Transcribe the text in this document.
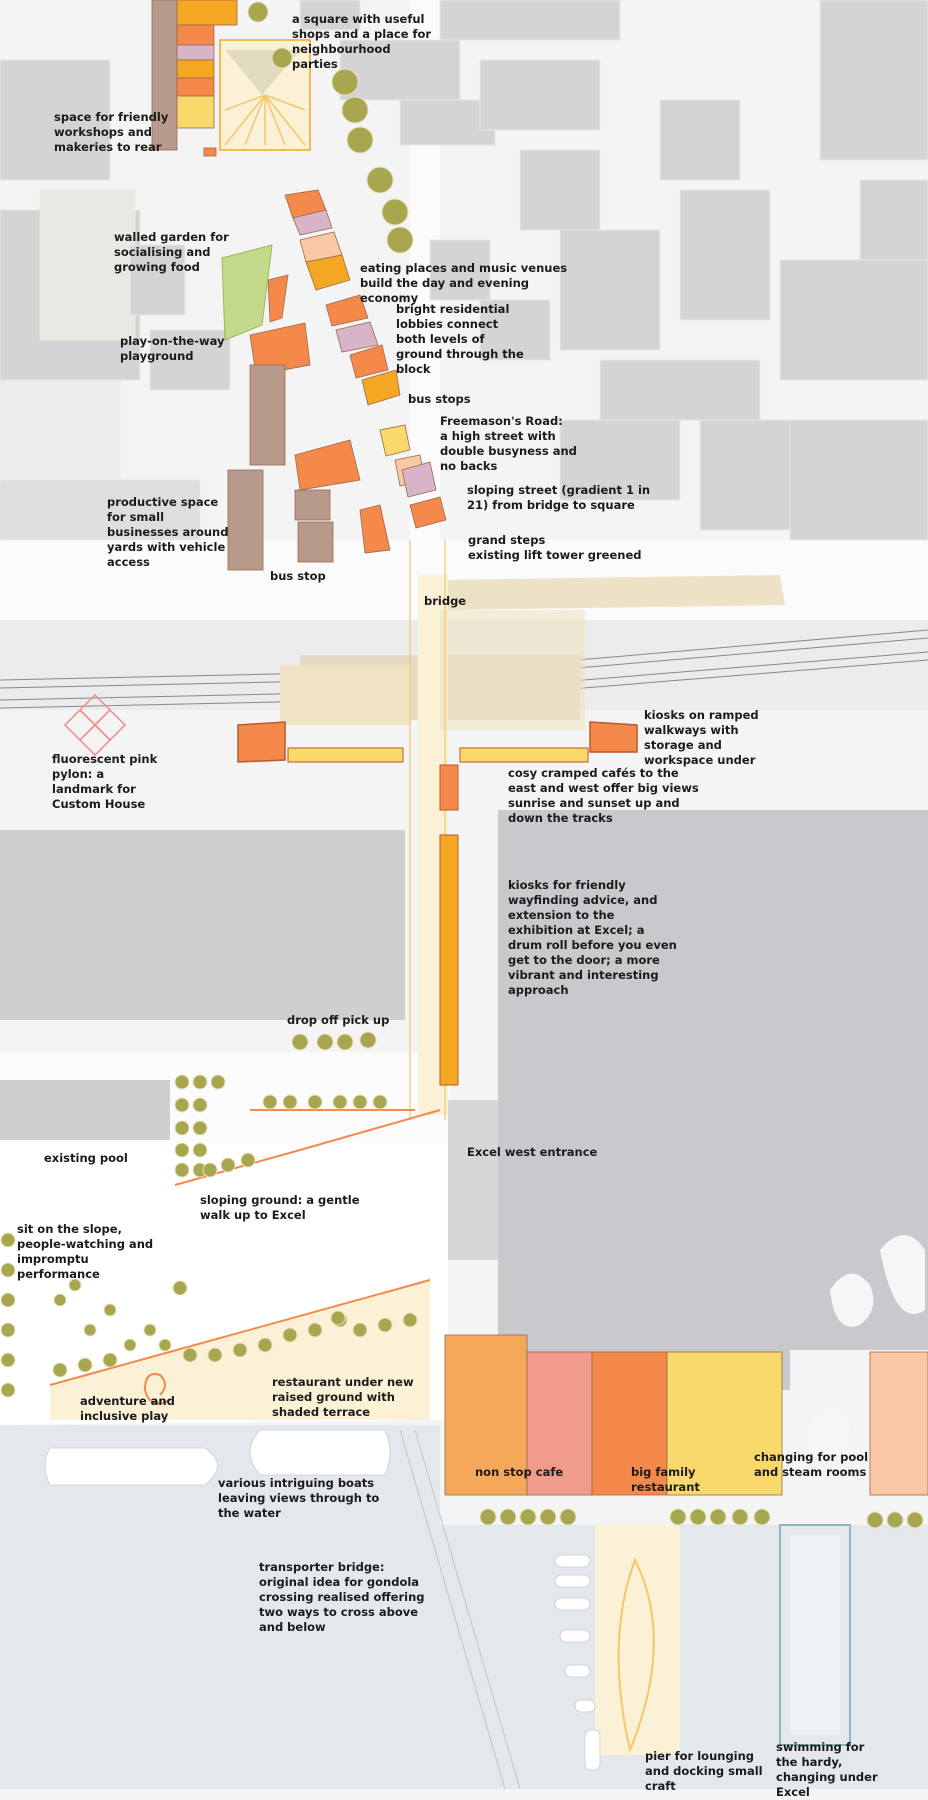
a square with useful shops and a place for neighbourhood parties

space for friendly workshops and makeries to rear

walled garden for socialising and growing food	eating places and music venues build the day and evening economy

bright residential lobbies connect both levels of ground through the block

play-on-the-way playground

bus stops

Freemason's Road:
a high street with double busyness and no backs

productive space for small businesses around yards with vehicle access

sloping street (gradient 1 in 21) from bridge to square

grand steps
existing lift tower greened

bus stop

bridge

kiosks on ramped walkways with storage and workspace under

fluorescent pink pylon: a landmark for Custom House

cosy cramped cafés to the east and west offer big views sunrise and sunset up and down the tracks

kiosks for friendly wayfinding advice, and extension to the exhibition at Excel; a drum roll before you even get to the door; a more vibrant and interesting approach

drop off pick up

existing pool	Excel west entrance

sloping ground: a gentle walk up to Excel

sit on the slope, people-watching and impromptu performance

restaurant under new raised ground with shaded terrace

adventure and inclusive play

non stop cafe	big family restaurant

changing for pool and steam rooms

various intriguing boats leaving views through to the water

transporter bridge: original idea for gondola crossing realised offering two ways to cross above and below

pier for lounging and docking small craft

swimming for the hardy, changing under Excel
